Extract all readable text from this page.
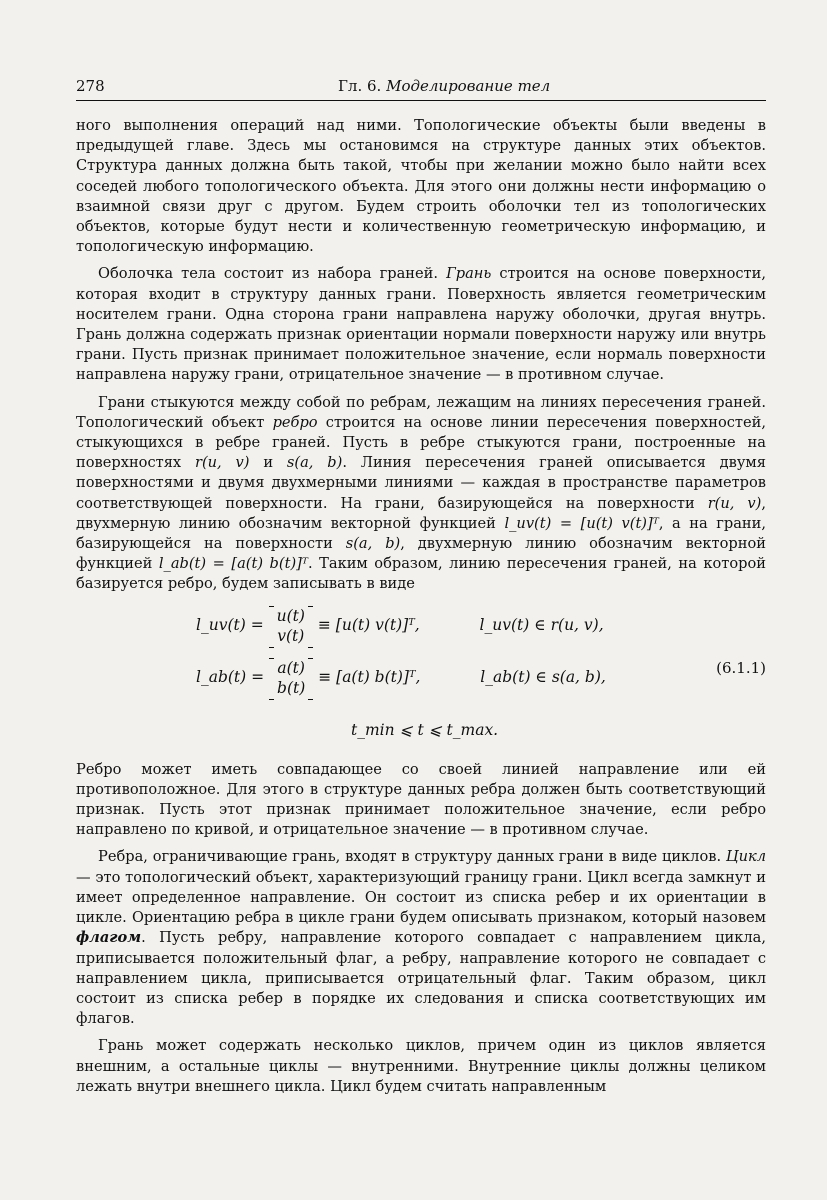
278	Гл. 6. Моделирование тел

ного выполнения операций над ними. Топологические объекты были введены в предыдущей главе. Здесь мы остановимся на структуре данных этих объектов. Структура данных должна быть такой, чтобы при желании можно было найти всех соседей любого топологического объекта. Для этого они должны нести информацию о взаимной связи друг с другом. Будем строить оболочки тел из топологических объектов, которые будут нести и количественную геометрическую информацию, и топологическую информацию.

Оболочка тела состоит из набора граней. Грань строится на основе поверхности, которая входит в структуру данных грани. Поверхность является геометрическим носителем грани. Одна сторона грани направлена наружу оболочки, другая внутрь. Грань должна содержать признак ориентации нормали поверхности наружу или внутрь грани. Пусть признак принимает положительное значение, если нормаль поверхности направлена наружу грани, отрицательное значение — в противном случае.

Грани стыкуются между собой по ребрам, лежащим на линиях пересечения граней. Топологический объект ребро строится на основе линии пересечения поверхностей, стыкующихся в ребре граней. Пусть в ребре стыкуются грани, построенные на поверхностях r(u, v) и s(a, b). Линия пересечения граней описывается двумя поверхностями и двумя двухмерными линиями — каждая в пространстве параметров соответствующей поверхности. На грани, базирующейся на поверхности r(u, v), двухмерную линию обозначим векторной функцией l_uv(t) = [u(t) v(t)]ᵀ, а на грани, базирующейся на поверхности s(a, b), двухмерную линию обозначим векторной функцией l_ab(t) = [a(t) b(t)]ᵀ. Таким образом, линию пересечения граней, на которой базируется ребро, будем записывать в виде

l_uv(t) = u(t)
v(t)
≡ [u(t) v(t)]ᵀ,	l_uv(t) ∈ r(u, v),
l_ab(t) = a(t)
b(t)
≡ [a(t) b(t)]ᵀ,	l_ab(t) ∈ s(a, b),
t_min ⩽ t ⩽ t_max.
(6.1.1)

Ребро может иметь совпадающее со своей линией направление или ей противоположное. Для этого в структуре данных ребра должен быть соответствующий признак. Пусть этот признак принимает положительное значение, если ребро направлено по кривой, и отрицательное значение — в противном случае.

Ребра, ограничивающие грань, входят в структуру данных грани в виде циклов. Цикл — это топологический объект, характеризующий границу грани. Цикл всегда замкнут и имеет определенное направление. Он состоит из списка ребер и их ориентации в цикле. Ориентацию ребра в цикле грани будем описывать признаком, который назовем флагом. Пусть ребру, направление которого совпадает с направлением цикла, приписывается положительный флаг, а ребру, направление которого не совпадает с направлением цикла, приписывается отрицательный флаг. Таким образом, цикл состоит из списка ребер в порядке их следования и списка соответствующих им флагов.

Грань может содержать несколько циклов, причем один из циклов является внешним, а остальные циклы — внутренними. Внутренние циклы должны целиком лежать внутри внешнего цикла. Цикл будем считать направленным
